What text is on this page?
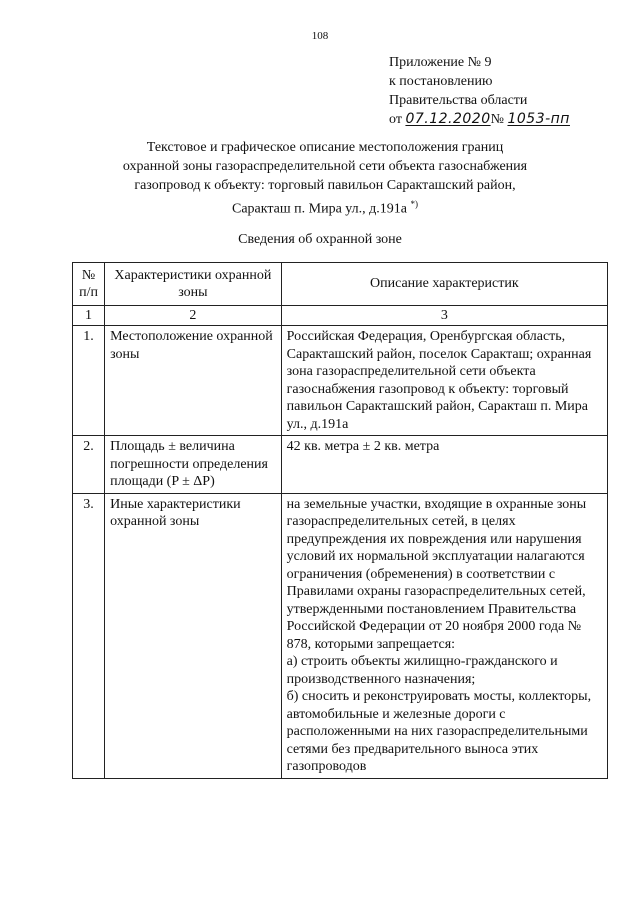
108
Приложение № 9
к постановлению
Правительства области
от 07.12.2020№ 1053-пп
Текстовое и графическое описание местоположения границ
охранной зоны газораспределительной сети объекта газоснабжения
газопровод к объекту: торговый павильон Саракташский район,
Саракташ п. Мира ул., д.191а *)
Сведения об охранной зоне
№ п/п	Характеристики охранной зоны	Описание характеристик
1	2	3
1.	Местоположение охранной зоны	Российская Федерация, Оренбургская область, Саракташский район, поселок Саракташ; охранная зона газораспределительной сети объекта газоснабжения газопровод к объекту: торговый павильон Саракташский район, Саракташ п. Мира ул., д.191а
2.	Площадь ± величина погрешности определения площади (P ± ΔP)	42 кв. метра ± 2 кв. метра
3.	Иные характеристики охранной зоны	на земельные участки, входящие в охранные зоны газораспределительных сетей, в целях предупреждения их повреждения или нарушения условий их нормальной эксплуатации налагаются ограничения (обременения) в соответствии с Правилами охраны газораспределительных сетей, утвержденными постановлением Правительства Российской Федерации от 20 ноября 2000 года № 878, которыми запрещается:
а) строить объекты жилищно-гражданского и производственного назначения;
б) сносить и реконструировать мосты, коллекторы, автомобильные и железные дороги с расположенными на них газораспределительными сетями без предварительного выноса этих газопроводов
